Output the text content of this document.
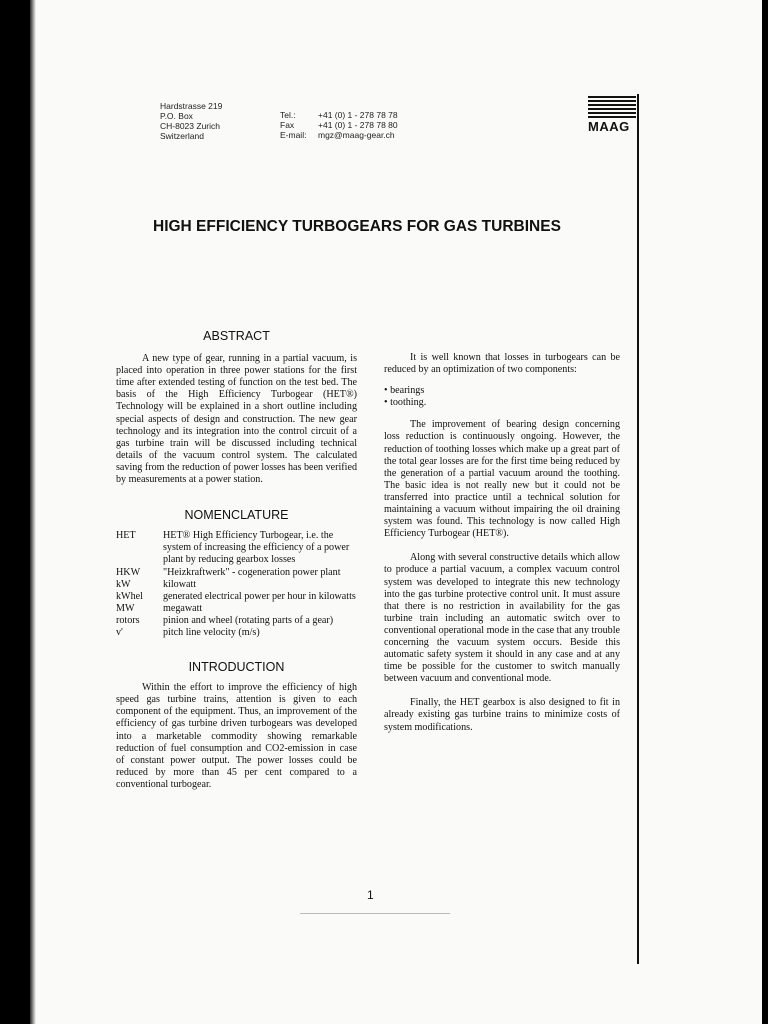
Hardstrasse 219
P.O. Box
CH-8023 Zurich
Switzerland
Tel.:	+41 (0) 1 - 278 78 78
Fax	+41 (0) 1 - 278 78 80
E-mail:	mgz@maag-gear.ch
MAAG
HIGH EFFICIENCY TURBOGEARS FOR GAS TURBINES
ABSTRACT

A new type of gear, running in a partial vacuum, is placed into operation in three power stations for the first time after extended testing of function on the test bed. The basis of the High Efficiency Turbogear (HET®) Technology will be explained in a short outline including special aspects of design and construction. The new gear technology and its integration into the control circuit of a gas turbine train will be discussed including technical details of the vacuum control system. The calculated saving from the reduction of power losses has been verified by measurements at a power station.

NOMENCLATURE
HET	HET® High Efficiency Turbogear, i.e. the system of increasing the efficiency of a power plant by reducing gearbox losses
HKW	"Heizkraftwerk" - cogeneration power plant
kW	kilowatt
kWhel	generated electrical power per hour in kilowatts
MW	megawatt
rotors	pinion and wheel (rotating parts of a gear)
v'	pitch line velocity (m/s)
INTRODUCTION

Within the effort to improve the efficiency of high speed gas turbine trains, attention is given to each component of the equipment. Thus, an improvement of the efficiency of gas turbine driven turbogears was developed into a marketable commodity showing remarkable reduction of fuel consumption and CO2-emission in case of constant power output. The power losses could be reduced by more than 45 per cent compared to a conventional turbogear.

It is well known that losses in turbogears can be reduced by an optimization of two components:

• bearings
• toothing.

The improvement of bearing design concerning loss reduction is continuously ongoing. However, the reduction of toothing losses which make up a great part of the total gear losses are for the first time being reduced by the generation of a partial vacuum around the toothing. The basic idea is not really new but it could not be transferred into practice until a technical solution for maintaining a vacuum without impairing the oil draining system was found. This technology is now called High Efficiency Turbogear (HET®).

Along with several constructive details which allow to produce a partial vacuum, a complex vacuum control system was developed to integrate this new technology into the gas turbine protective control unit. It must assure that there is no restriction in availability for the gas turbine train including an automatic switch over to conventional operational mode in the case that any trouble concerning the vacuum system occurs. Beside this automatic safety system it should in any case and at any time be possible for the customer to switch manually between vacuum and conventional mode.

Finally, the HET gearbox is also designed to fit in already existing gas turbine trains to minimize costs of system modifications.

1
